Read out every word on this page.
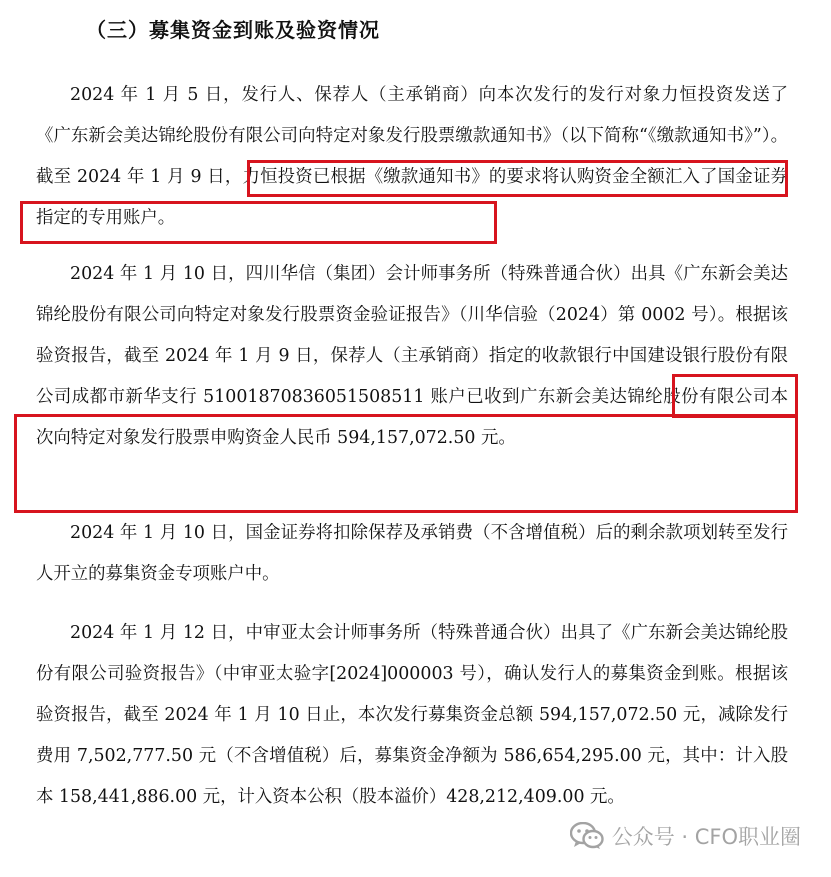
（三）募集资金到账及验资情况

2024 年 1 月 5 日，发行人、保荐人（主承销商）向本次发行的发行对象力恒投资发送了《广东新会美达锦纶股份有限公司向特定对象发行股票缴款通知书》（以下简称“《缴款通知书》”）。截至 2024 年 1 月 9 日，力恒投资已根据《缴款通知书》的要求将认购资金全额汇入了国金证券指定的专用账户。

2024 年 1 月 10 日，四川华信（集团）会计师事务所（特殊普通合伙）出具《广东新会美达锦纶股份有限公司向特定对象发行股票资金验证报告》（川华信验（2024）第 0002 号）。根据该验资报告，截至 2024 年 1 月 9 日，保荐人（主承销商）指定的收款银行中国建设银行股份有限公司成都市新华支行 51001870836051508511 账户已收到广东新会美达锦纶股份有限公司本次向特定对象发行股票申购资金人民币 594,157,072.50 元。

2024 年 1 月 10 日，国金证券将扣除保荐及承销费（不含增值税）后的剩余款项划转至发行人开立的募集资金专项账户中。

2024 年 1 月 12 日，中审亚太会计师事务所（特殊普通合伙）出具了《广东新会美达锦纶股份有限公司验资报告》（中审亚太验字[2024]000003 号），确认发行人的募集资金到账。根据该验资报告，截至 2024 年 1 月 10 日止，本次发行募集资金总额 594,157,072.50 元，减除发行费用 7,502,777.50 元（不含增值税）后，募集资金净额为 586,654,295.00 元，其中：计入股本 158,441,886.00 元，计入资本公积（股本溢价）428,212,409.00 元。

公众号 · CFO职业圈
